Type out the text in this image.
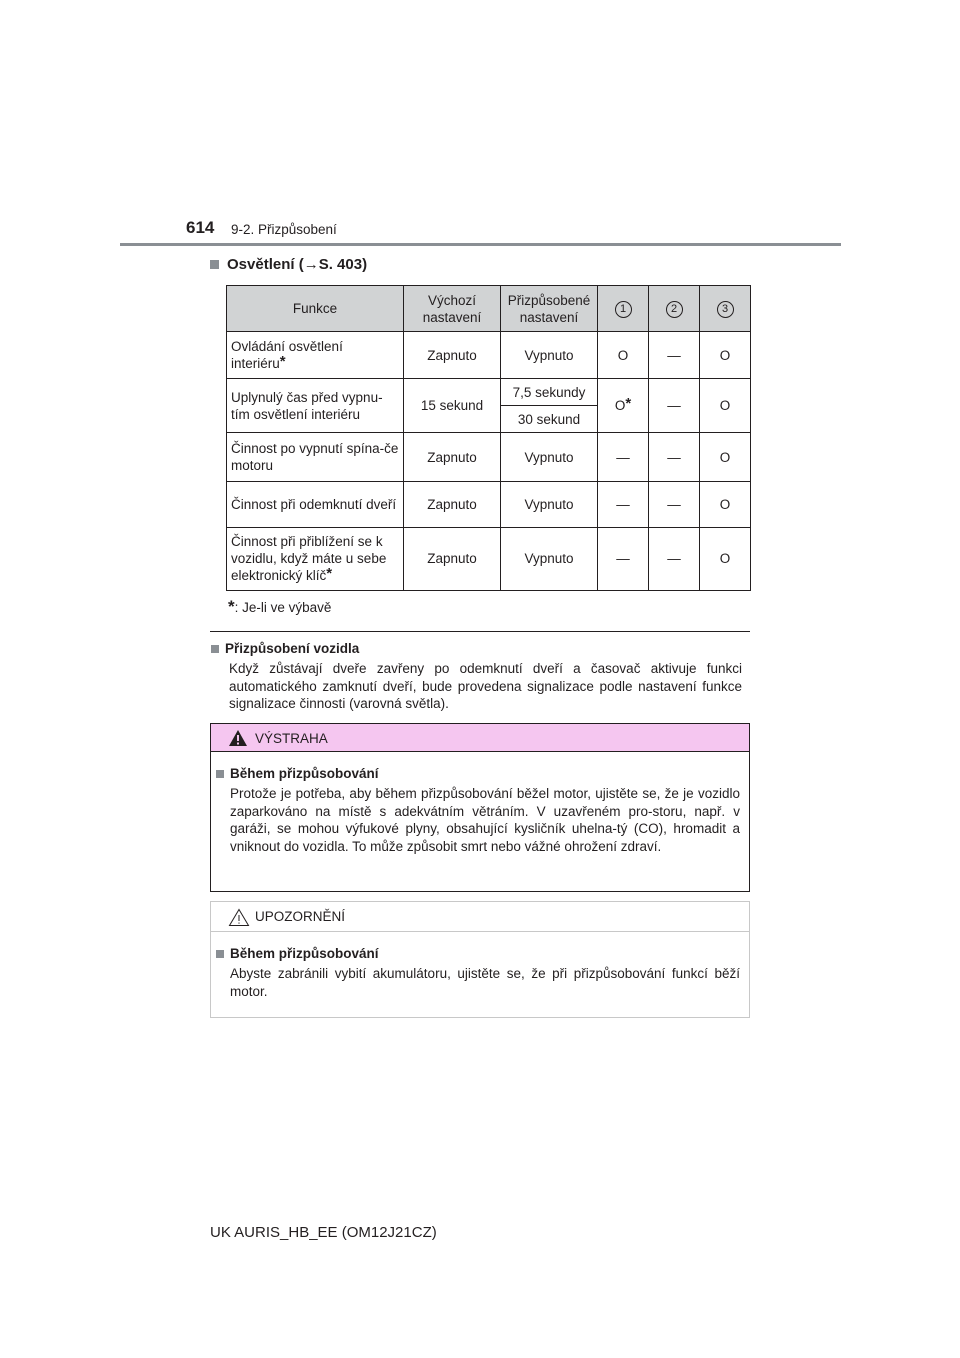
614 9-2. Přizpůsobení
Osvětlení ( → S. 403)
Funkce	Výchozí nastavení	Přizpůsobené nastavení	1	2	3
Ovládání osvětlení interiéru*	Zapnuto	Vypnuto	O	—	O
Uplynulý čas před vypnu-tím osvětlení interiéru	15 sekund	7,5 sekundy	O*	—	O
		30 sekund			
Činnost po vypnutí spína-če motoru	Zapnuto	Vypnuto	—	—	O
Činnost při odemknutí dveří	Zapnuto	Vypnuto	—	—	O
Činnost při přiblížení se k vozidlu, když máte u sebe elektronický klíč*	Zapnuto	Vypnuto	—	—	O
*: Je-li ve výbavě
Přizpůsobení vozidla
Když zůstávají dveře zavřeny po odemknutí dveří a časovač aktivuje funkci automatického zamknutí dveří, bude provedena signalizace podle nastavení funkce signalizace činnosti (varovná světla).
VÝSTRAHA
Během přizpůsobování
Protože je potřeba, aby během přizpůsobování běžel motor, ujistěte se, že je vozidlo zaparkováno na místě s adekvátním větráním. V uzavřeném pro-storu, např. v garáži, se mohou výfukové plyny, obsahující kysličník uhelna-tý (CO), hromadit a vniknout do vozidla. To může způsobit smrt nebo vážné ohrožení zdraví.
UPOZORNĚNÍ
Během přizpůsobování
Abyste zabránili vybití akumulátoru, ujistěte se, že při přizpůsobování funkcí běží motor.
UK AURIS_HB_EE (OM12J21CZ)
